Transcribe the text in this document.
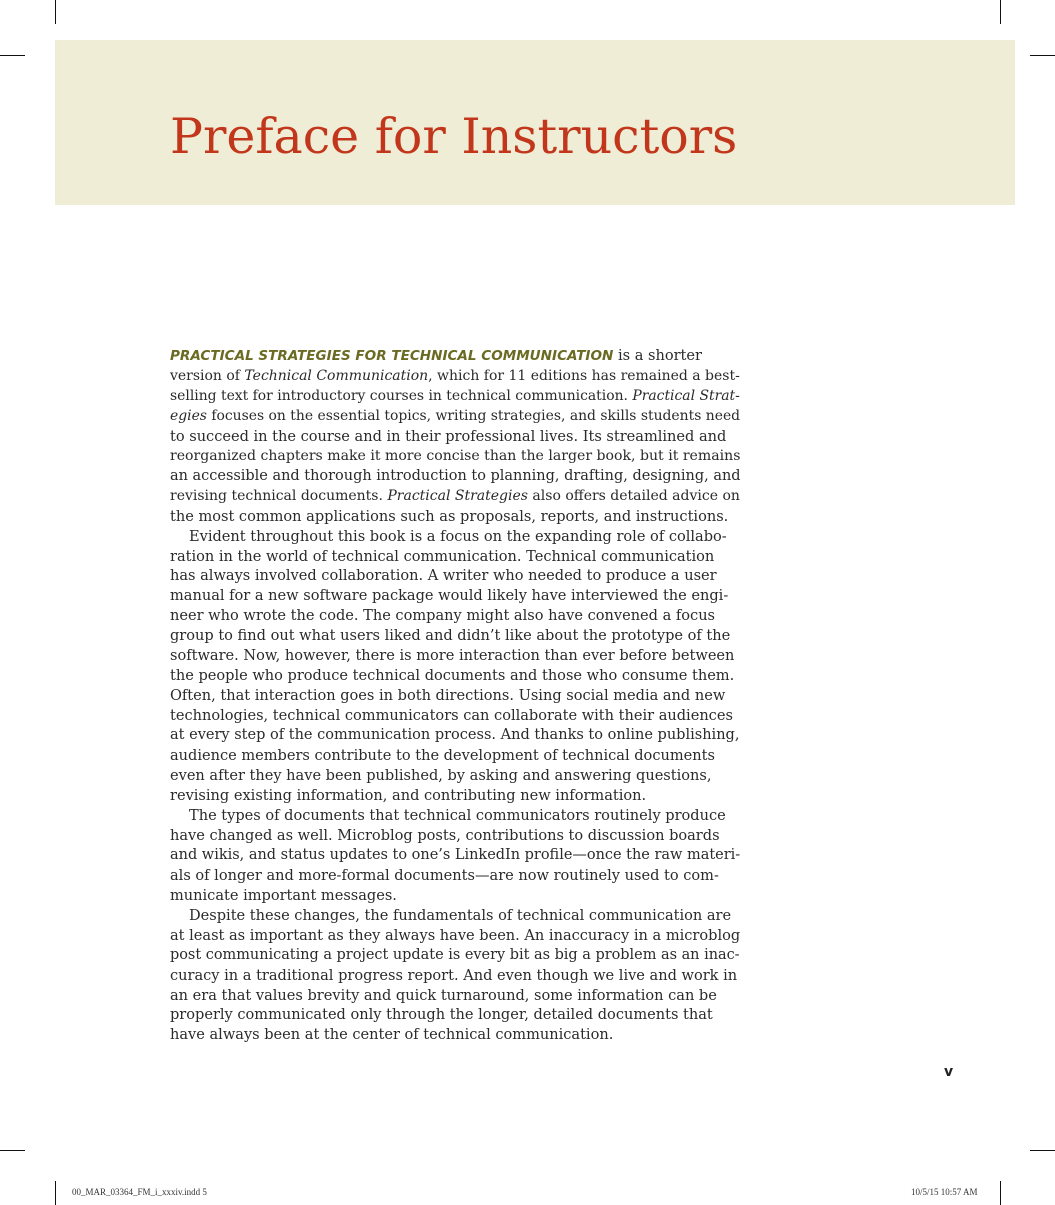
Preface for Instructors
PRACTICAL STRATEGIES FOR TECHNICAL COMMUNICATION is a shorter
version of Technical Communication, which for 11 editions has remained a best-
selling text for introductory courses in technical communication. Practical Strat-
egies focuses on the essential topics, writing strategies, and skills students need
to succeed in the course and in their professional lives. Its streamlined and
reorganized chapters make it more concise than the larger book, but it remains
an accessible and thorough introduction to planning, drafting, designing, and
revising technical documents. Practical Strategies also offers detailed advice on
the most common applications such as proposals, reports, and instructions.
Evident throughout this book is a focus on the expanding role of collabo-
ration in the world of technical communication. Technical communication
has always involved collaboration. A writer who needed to produce a user
manual for a new software package would likely have interviewed the engi-
neer who wrote the code. The company might also have convened a focus
group to find out what users liked and didn’t like about the prototype of the
software. Now, however, there is more interaction than ever before between
the people who produce technical documents and those who consume them.
Often, that interaction goes in both directions. Using social media and new
technologies, technical communicators can collaborate with their audiences
at every step of the communication process. And thanks to online publishing,
audience members contribute to the development of technical documents
even after they have been published, by asking and answering questions,
revising existing information, and contributing new information.
The types of documents that technical communicators routinely produce
have changed as well. Microblog posts, contributions to discussion boards
and wikis, and status updates to one’s LinkedIn profile—once the raw materi-
als of longer and more-formal documents—are now routinely used to com-
municate important messages.
Despite these changes, the fundamentals of technical communication are
at least as important as they always have been. An inaccuracy in a microblog
post communicating a project update is every bit as big a problem as an inac-
curacy in a traditional progress report. And even though we live and work in
an era that values brevity and quick turnaround, some information can be
properly communicated only through the longer, detailed documents that
have always been at the center of technical communication.
v
00_MAR_03364_FM_i_xxxiv.indd 5	10/5/15 10:57 AM
